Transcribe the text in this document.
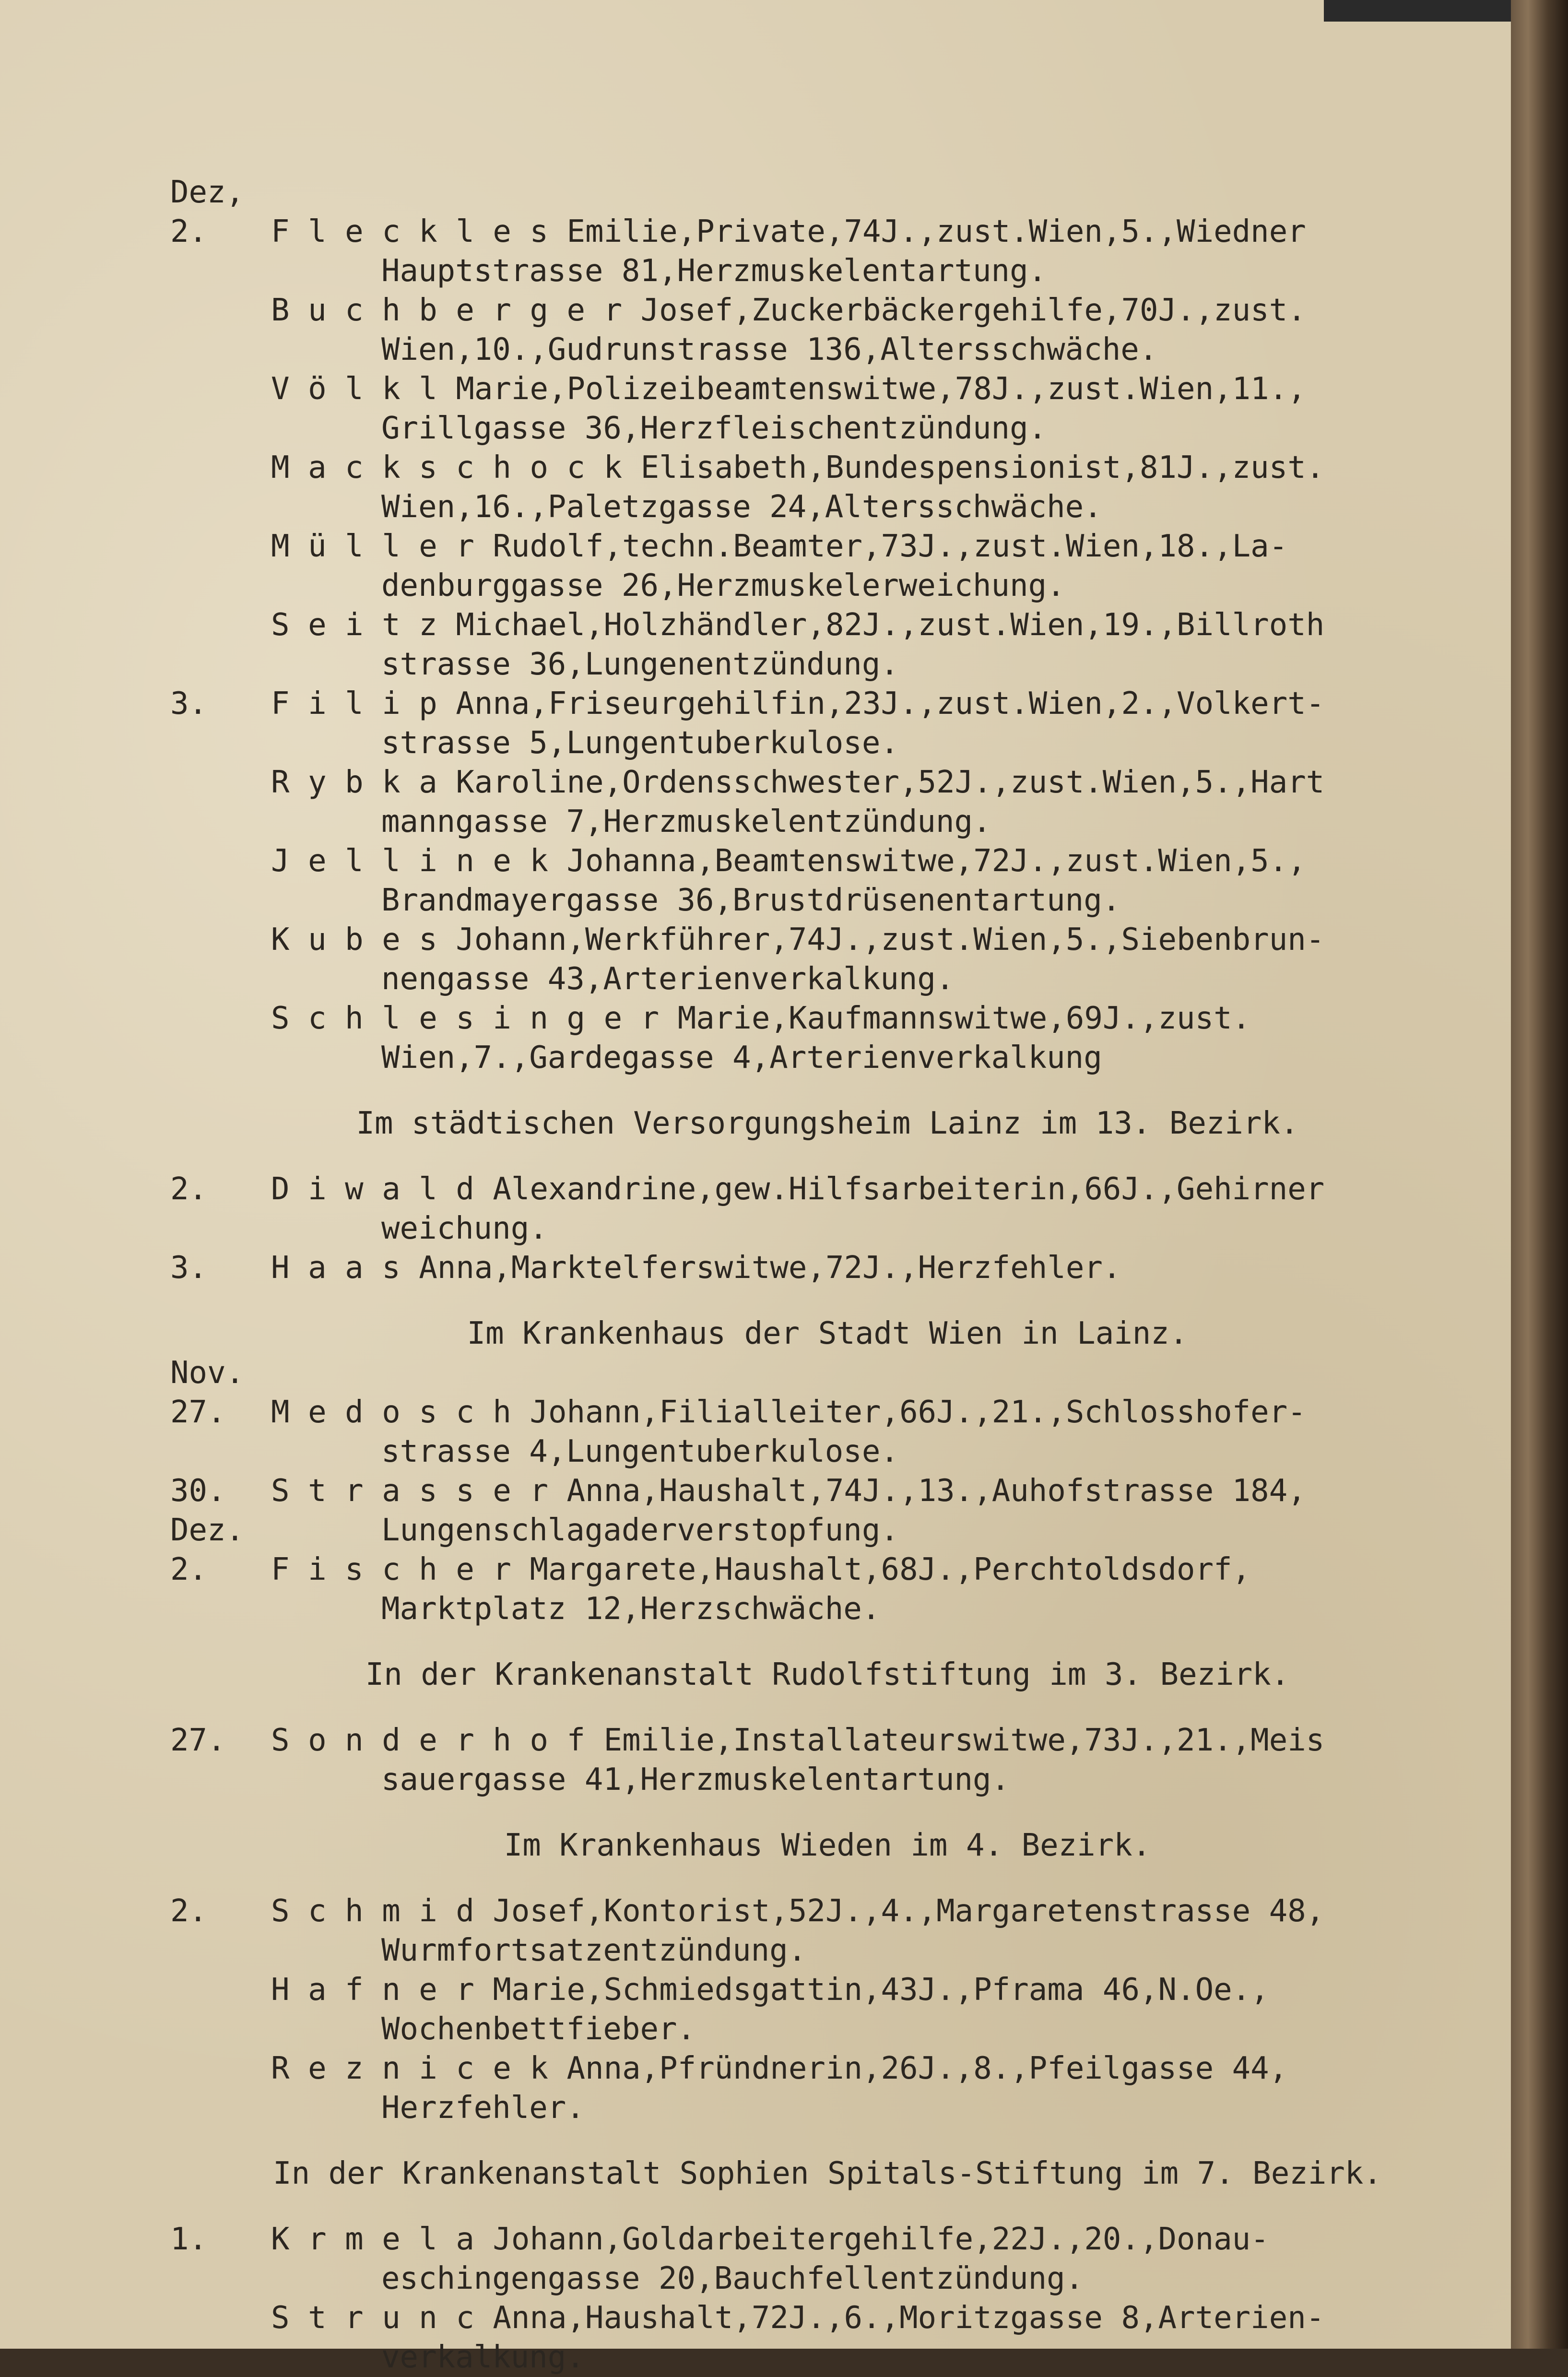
Dez,
2. F l e c k l e s Emilie,Private,74J.,zust.Wien,5.,Wiedner
Hauptstrasse 81,Herzmuskelentartung.
B u c h b e r g e r Josef,Zuckerbäckergehilfe,70J.,zust.
Wien,10.,Gudrunstrasse 136,Altersschwäche.
V ö l k l Marie,Polizeibeamtenswitwe,78J.,zust.Wien,11.,
Grillgasse 36,Herzfleischentzündung.
M a c k s c h o c k Elisabeth,Bundespensionist,81J.,zust.
Wien,16.,Paletzgasse 24,Altersschwäche.
M ü l l e r Rudolf,techn.Beamter,73J.,zust.Wien,18.,La-
denburggasse 26,Herzmuskelerweichung.
S e i t z Michael,Holzhändler,82J.,zust.Wien,19.,Billroth
strasse 36,Lungenentzündung.
3. F i l i p Anna,Friseurgehilfin,23J.,zust.Wien,2.,Volkert-
strasse 5,Lungentuberkulose.
R y b k a Karoline,Ordensschwester,52J.,zust.Wien,5.,Hart
manngasse 7,Herzmuskelentzündung.
J e l l i n e k Johanna,Beamtenswitwe,72J.,zust.Wien,5.,
Brandmayergasse 36,Brustdrüsenentartung.
K u b e s Johann,Werkführer,74J.,zust.Wien,5.,Siebenbrun-
nengasse 43,Arterienverkalkung.
S c h l e s i n g e r Marie,Kaufmannswitwe,69J.,zust.
Wien,7.,Gardegasse 4,Arterienverkalkung
Im städtischen Versorgungsheim Lainz im 13. Bezirk.
2. D i w a l d Alexandrine,gew.Hilfsarbeiterin,66J.,Gehirner
weichung.
3. H a a s Anna,Marktelferswitwe,72J.,Herzfehler.
Im Krankenhaus der Stadt Wien in Lainz.
Nov.
27. M e d o s c h Johann,Filialleiter,66J.,21.,Schlosshofer-
strasse 4,Lungentuberkulose.
30. S t r a s s e r Anna,Haushalt,74J.,13.,Auhofstrasse 184,
Dez.	Lungenschlagaderverstopfung.
2. F i s c h e r Margarete,Haushalt,68J.,Perchtoldsdorf,
Marktplatz 12,Herzschwäche.
In der Krankenanstalt Rudolfstiftung im 3. Bezirk.
27. S o n d e r h o f Emilie,Installateurswitwe,73J.,21.,Meis
sauergasse 41,Herzmuskelentartung.
Im Krankenhaus Wieden im 4. Bezirk.
2. S c h m i d Josef,Kontorist,52J.,4.,Margaretenstrasse 48,
Wurmfortsatzentzündung.
H a f n e r Marie,Schmiedsgattin,43J.,Pframa 46,N.Oe.,
Wochenbettfieber.
R e z n i c e k Anna,Pfründnerin,26J.,8.,Pfeilgasse 44,
Herzfehler.
In der Krankenanstalt Sophien Spitals-Stiftung im 7. Bezirk.
1. K r m e l a Johann,Goldarbeitergehilfe,22J.,20.,Donau-
eschingengasse 20,Bauchfellentzündung.
S t r u n c Anna,Haushalt,72J.,6.,Moritzgasse 8,Arterien-
verkalkung.
